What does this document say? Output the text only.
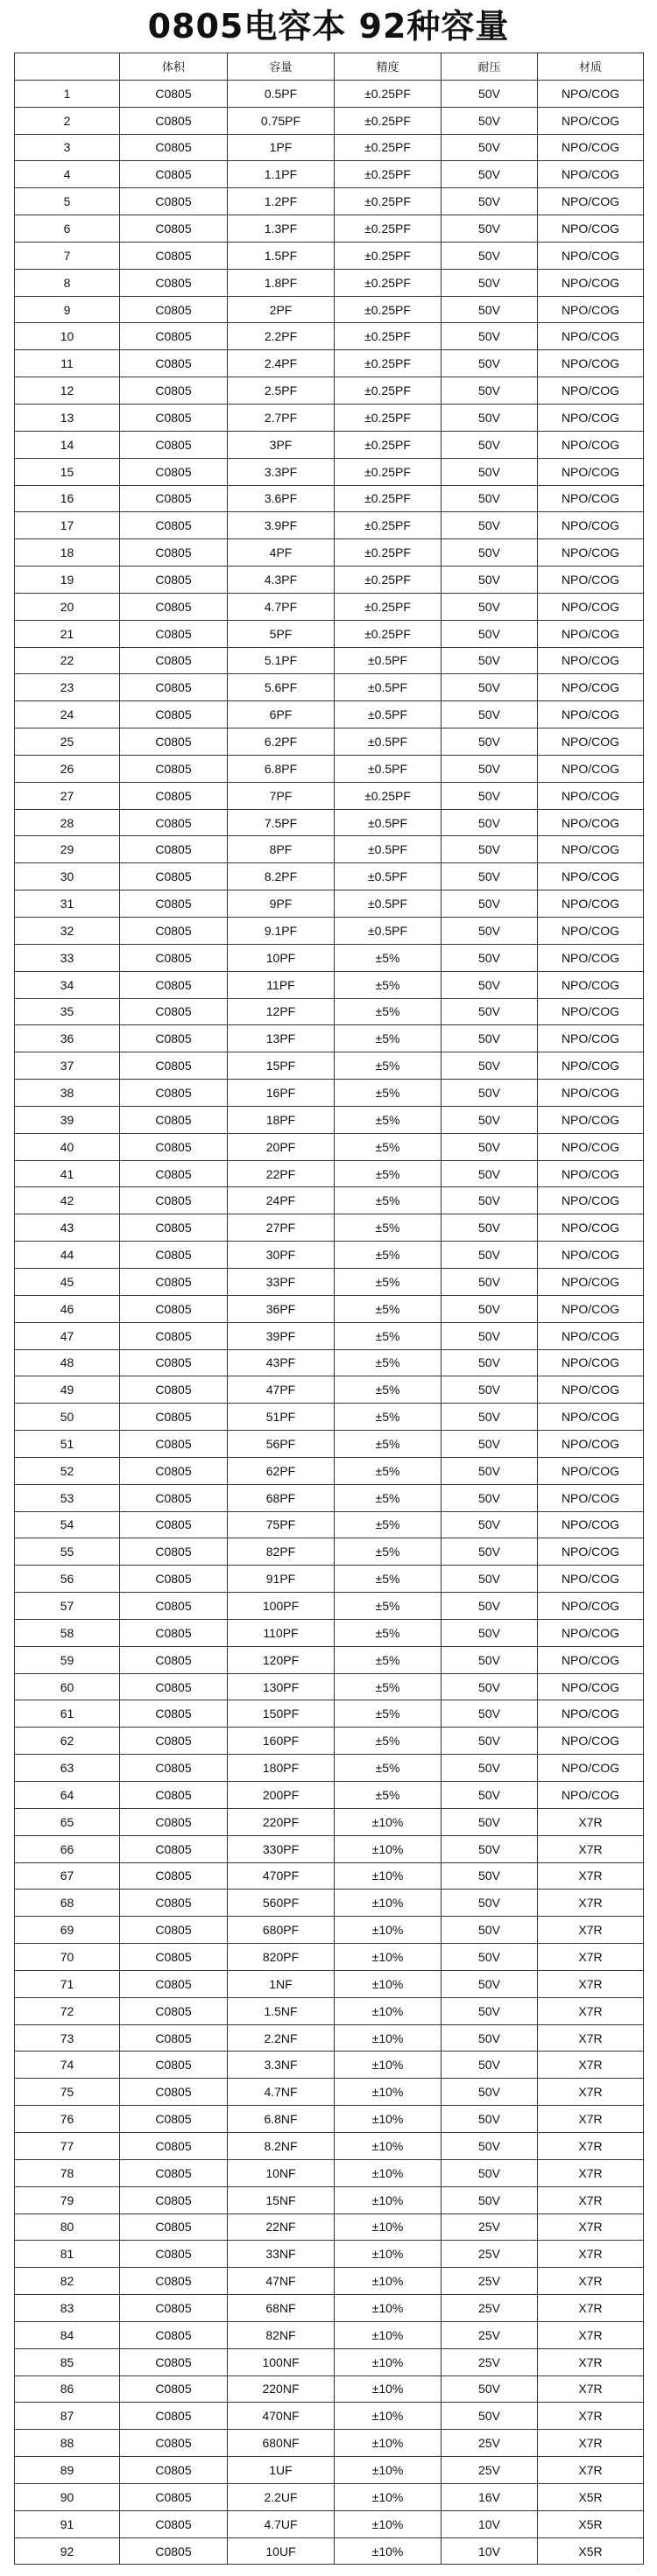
0805电容本 92种容量
	体积	容量	精度	耐压	材质
1	C0805	0.5PF	±0.25PF	50V	NPO/COG
2	C0805	0.75PF	±0.25PF	50V	NPO/COG
3	C0805	1PF	±0.25PF	50V	NPO/COG
4	C0805	1.1PF	±0.25PF	50V	NPO/COG
5	C0805	1.2PF	±0.25PF	50V	NPO/COG
6	C0805	1.3PF	±0.25PF	50V	NPO/COG
7	C0805	1.5PF	±0.25PF	50V	NPO/COG
8	C0805	1.8PF	±0.25PF	50V	NPO/COG
9	C0805	2PF	±0.25PF	50V	NPO/COG
10	C0805	2.2PF	±0.25PF	50V	NPO/COG
11	C0805	2.4PF	±0.25PF	50V	NPO/COG
12	C0805	2.5PF	±0.25PF	50V	NPO/COG
13	C0805	2.7PF	±0.25PF	50V	NPO/COG
14	C0805	3PF	±0.25PF	50V	NPO/COG
15	C0805	3.3PF	±0.25PF	50V	NPO/COG
16	C0805	3.6PF	±0.25PF	50V	NPO/COG
17	C0805	3.9PF	±0.25PF	50V	NPO/COG
18	C0805	4PF	±0.25PF	50V	NPO/COG
19	C0805	4.3PF	±0.25PF	50V	NPO/COG
20	C0805	4.7PF	±0.25PF	50V	NPO/COG
21	C0805	5PF	±0.25PF	50V	NPO/COG
22	C0805	5.1PF	±0.5PF	50V	NPO/COG
23	C0805	5.6PF	±0.5PF	50V	NPO/COG
24	C0805	6PF	±0.5PF	50V	NPO/COG
25	C0805	6.2PF	±0.5PF	50V	NPO/COG
26	C0805	6.8PF	±0.5PF	50V	NPO/COG
27	C0805	7PF	±0.25PF	50V	NPO/COG
28	C0805	7.5PF	±0.5PF	50V	NPO/COG
29	C0805	8PF	±0.5PF	50V	NPO/COG
30	C0805	8.2PF	±0.5PF	50V	NPO/COG
31	C0805	9PF	±0.5PF	50V	NPO/COG
32	C0805	9.1PF	±0.5PF	50V	NPO/COG
33	C0805	10PF	±5%	50V	NPO/COG
34	C0805	11PF	±5%	50V	NPO/COG
35	C0805	12PF	±5%	50V	NPO/COG
36	C0805	13PF	±5%	50V	NPO/COG
37	C0805	15PF	±5%	50V	NPO/COG
38	C0805	16PF	±5%	50V	NPO/COG
39	C0805	18PF	±5%	50V	NPO/COG
40	C0805	20PF	±5%	50V	NPO/COG
41	C0805	22PF	±5%	50V	NPO/COG
42	C0805	24PF	±5%	50V	NPO/COG
43	C0805	27PF	±5%	50V	NPO/COG
44	C0805	30PF	±5%	50V	NPO/COG
45	C0805	33PF	±5%	50V	NPO/COG
46	C0805	36PF	±5%	50V	NPO/COG
47	C0805	39PF	±5%	50V	NPO/COG
48	C0805	43PF	±5%	50V	NPO/COG
49	C0805	47PF	±5%	50V	NPO/COG
50	C0805	51PF	±5%	50V	NPO/COG
51	C0805	56PF	±5%	50V	NPO/COG
52	C0805	62PF	±5%	50V	NPO/COG
53	C0805	68PF	±5%	50V	NPO/COG
54	C0805	75PF	±5%	50V	NPO/COG
55	C0805	82PF	±5%	50V	NPO/COG
56	C0805	91PF	±5%	50V	NPO/COG
57	C0805	100PF	±5%	50V	NPO/COG
58	C0805	110PF	±5%	50V	NPO/COG
59	C0805	120PF	±5%	50V	NPO/COG
60	C0805	130PF	±5%	50V	NPO/COG
61	C0805	150PF	±5%	50V	NPO/COG
62	C0805	160PF	±5%	50V	NPO/COG
63	C0805	180PF	±5%	50V	NPO/COG
64	C0805	200PF	±5%	50V	NPO/COG
65	C0805	220PF	±10%	50V	X7R
66	C0805	330PF	±10%	50V	X7R
67	C0805	470PF	±10%	50V	X7R
68	C0805	560PF	±10%	50V	X7R
69	C0805	680PF	±10%	50V	X7R
70	C0805	820PF	±10%	50V	X7R
71	C0805	1NF	±10%	50V	X7R
72	C0805	1.5NF	±10%	50V	X7R
73	C0805	2.2NF	±10%	50V	X7R
74	C0805	3.3NF	±10%	50V	X7R
75	C0805	4.7NF	±10%	50V	X7R
76	C0805	6.8NF	±10%	50V	X7R
77	C0805	8.2NF	±10%	50V	X7R
78	C0805	10NF	±10%	50V	X7R
79	C0805	15NF	±10%	50V	X7R
80	C0805	22NF	±10%	25V	X7R
81	C0805	33NF	±10%	25V	X7R
82	C0805	47NF	±10%	25V	X7R
83	C0805	68NF	±10%	25V	X7R
84	C0805	82NF	±10%	25V	X7R
85	C0805	100NF	±10%	25V	X7R
86	C0805	220NF	±10%	50V	X7R
87	C0805	470NF	±10%	50V	X7R
88	C0805	680NF	±10%	25V	X7R
89	C0805	1UF	±10%	25V	X7R
90	C0805	2.2UF	±10%	16V	X5R
91	C0805	4.7UF	±10%	10V	X5R
92	C0805	10UF	±10%	10V	X5R
